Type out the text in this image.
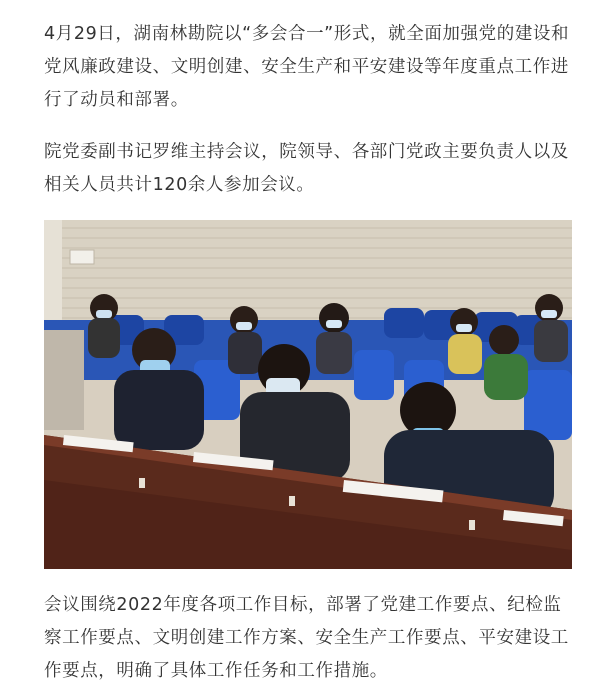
4月29日，湖南林勘院以“多会合一”形式，就全面加强党的建设和党风廉政建设、文明创建、安全生产和平安建设等年度重点工作进行了动员和部署。

院党委副书记罗维主持会议，院领导、各部门党政主要负责人以及相关人员共计120余人参加会议。

会议围绕2022年度各项工作目标，部署了党建工作要点、纪检监察工作要点、文明创建工作方案、安全生产工作要点、平安建设工作要点，明确了具体工作任务和工作措施。
